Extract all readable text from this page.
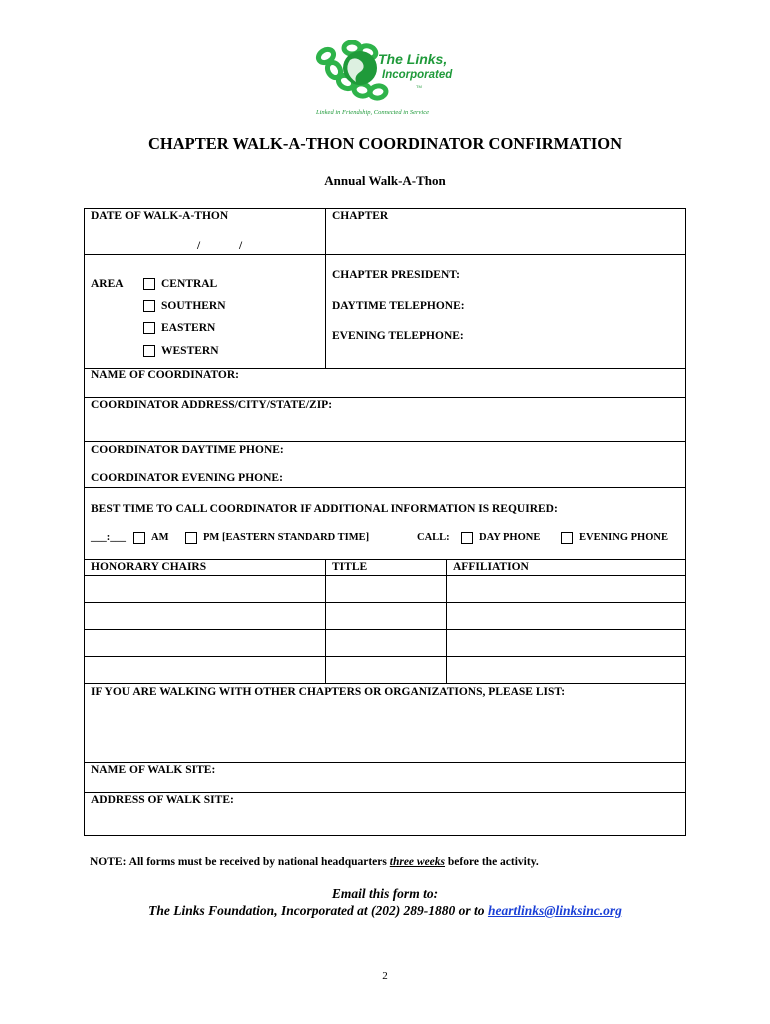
The Links,
Incorporated
TM
Linked in Friendship, Connected in Service
CHAPTER WALK-A-THON COORDINATOR CONFIRMATION
Annual Walk-A-Thon
DATE OF WALK-A-THON
/	/
CHAPTER
AREA	CENTRAL
SOUTHERN
EASTERN
WESTERN
CHAPTER PRESIDENT:
DAYTIME TELEPHONE:
EVENING TELEPHONE:
NAME OF COORDINATOR:
COORDINATOR ADDRESS/CITY/STATE/ZIP:
COORDINATOR DAYTIME PHONE:
COORDINATOR EVENING PHONE:
BEST TIME TO CALL COORDINATOR IF ADDITIONAL INFORMATION IS REQUIRED:
___:___ AM	PM [EASTERN STANDARD TIME]	CALL:	DAY PHONE	EVENING PHONE
HONORARY CHAIRS	TITLE	AFFILIATION
IF YOU ARE WALKING WITH OTHER CHAPTERS OR ORGANIZATIONS, PLEASE LIST:
NAME OF WALK SITE:
ADDRESS OF WALK SITE:
NOTE: All forms must be received by national headquarters three weeks before the activity.
Email this form to:
The Links Foundation, Incorporated at (202) 289-1880 or to heartlinks@linksinc.org
2
